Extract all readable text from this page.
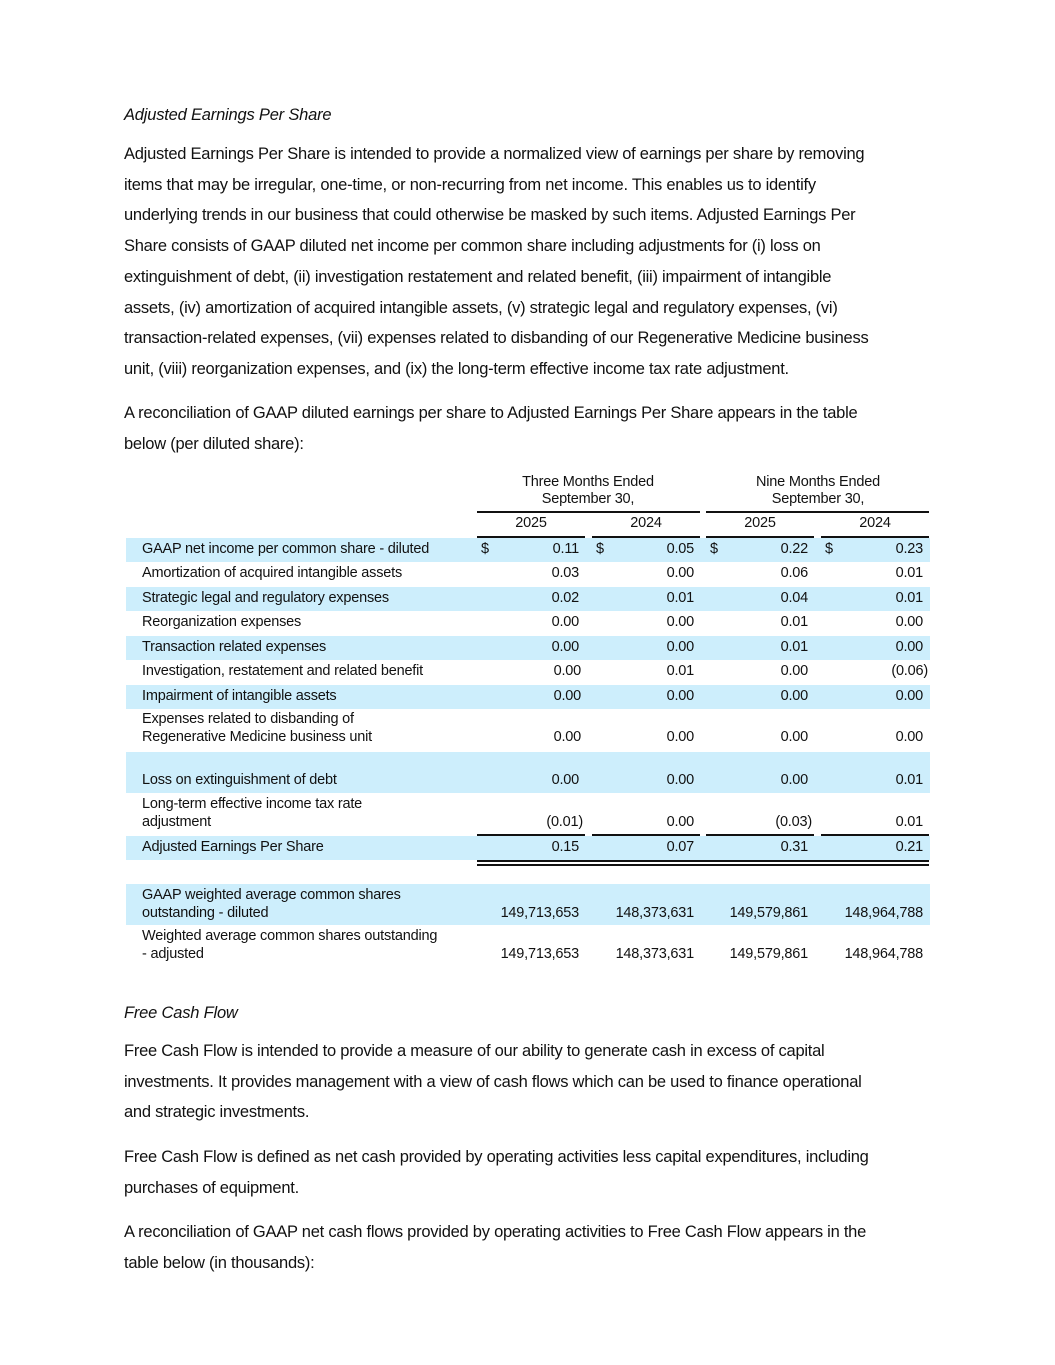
Adjusted Earnings Per Share
Adjusted Earnings Per Share is intended to provide a normalized view of earnings per share by removing
items that may be irregular, one-time, or non-recurring from net income. This enables us to identify
underlying trends in our business that could otherwise be masked by such items. Adjusted Earnings Per
Share consists of GAAP diluted net income per common share including adjustments for (i) loss on
extinguishment of debt, (ii) investigation restatement and related benefit, (iii) impairment of intangible
assets, (iv) amortization of acquired intangible assets, (v) strategic legal and regulatory expenses, (vi)
transaction-related expenses, (vii) expenses related to disbanding of our Regenerative Medicine business
unit, (viii) reorganization expenses, and (ix) the long-term effective income tax rate adjustment.
A reconciliation of GAAP diluted earnings per share to Adjusted Earnings Per Share appears in the table
below (per diluted share):
Three Months Ended
September 30,
Nine Months Ended
September 30,
2025	2024	2025	2024
GAAP net income per common share - diluted	$	0.11 $	0.05 $	0.22 $	0.23
Amortization of acquired intangible assets	0.03	0.00	0.06	0.01
Strategic legal and regulatory expenses	0.02	0.01	0.04	0.01
Reorganization expenses	0.00	0.00	0.01	0.00
Transaction related expenses	0.00	0.00	0.01	0.00
Investigation, restatement and related benefit	0.00	0.01	0.00	(0.06)
Impairment of intangible assets	0.00	0.00	0.00	0.00
Expenses related to disbanding of
Regenerative Medicine business unit	0.00	0.00	0.00	0.00
Loss on extinguishment of debt	0.00	0.00	0.00	0.01
Long-term effective income tax rate
adjustment	(0.01)	0.00	(0.03)	0.01
Adjusted Earnings Per Share	0.15	0.07	0.31	0.21
GAAP weighted average common shares
outstanding - diluted	149,713,653	148,373,631	149,579,861	148,964,788
Weighted average common shares outstanding
- adjusted	149,713,653	148,373,631	149,579,861	148,964,788
Free Cash Flow
Free Cash Flow is intended to provide a measure of our ability to generate cash in excess of capital
investments. It provides management with a view of cash flows which can be used to finance operational
and strategic investments.
Free Cash Flow is defined as net cash provided by operating activities less capital expenditures, including
purchases of equipment.
A reconciliation of GAAP net cash flows provided by operating activities to Free Cash Flow appears in the
table below (in thousands):
